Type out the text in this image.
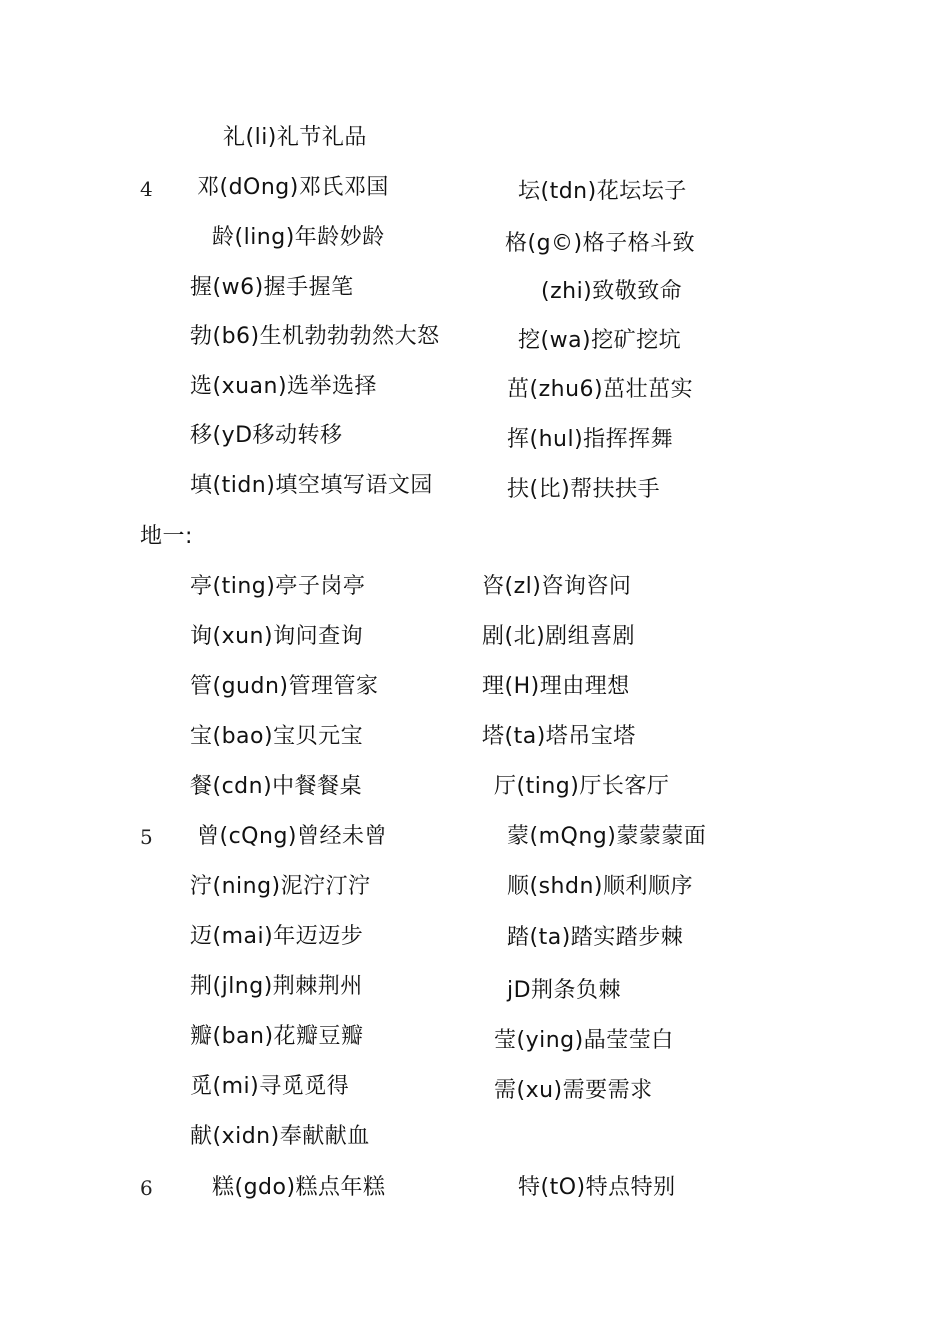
礼(li)礼节礼品
4 邓(dOng)邓氏邓国	坛(tdn)花坛坛子
龄(ling)年龄妙龄	格(g©)格子格斗致
握(w6)握手握笔	(zhi)致敬致命
勃(b6)生机勃勃勃然大怒	挖(wa)挖矿挖坑
选(xuan)选举选择	茁(zhu6)茁壮茁实
移(yD移动转移	挥(hul)指挥挥舞
填(tidn)填空填写语文园	扶(比)帮扶扶手
地一:
亭(ting)亭子岗亭	咨(zl)咨询咨问
询(xun)询问查询	剧(北)剧组喜剧
管(gudn)管理管家	理(H)理由理想
宝(bao)宝贝元宝	塔(ta)塔吊宝塔
餐(cdn)中餐餐桌	厅(ting)厅长客厅
5 曾(cQng)曾经未曾	蒙(mQng)蒙蒙蒙面
泞(ning)泥泞汀泞	顺(shdn)顺利顺序
迈(mai)年迈迈步	踏(ta)踏实踏步棘
荆(jlng)荆棘荆州	jD荆条负棘
瓣(ban)花瓣豆瓣	莹(ying)晶莹莹白
觅(mi)寻觅觅得	需(xu)需要需求
献(xidn)奉献献血
6	糕(gdo)糕点年糕	特(tO)特点特别
